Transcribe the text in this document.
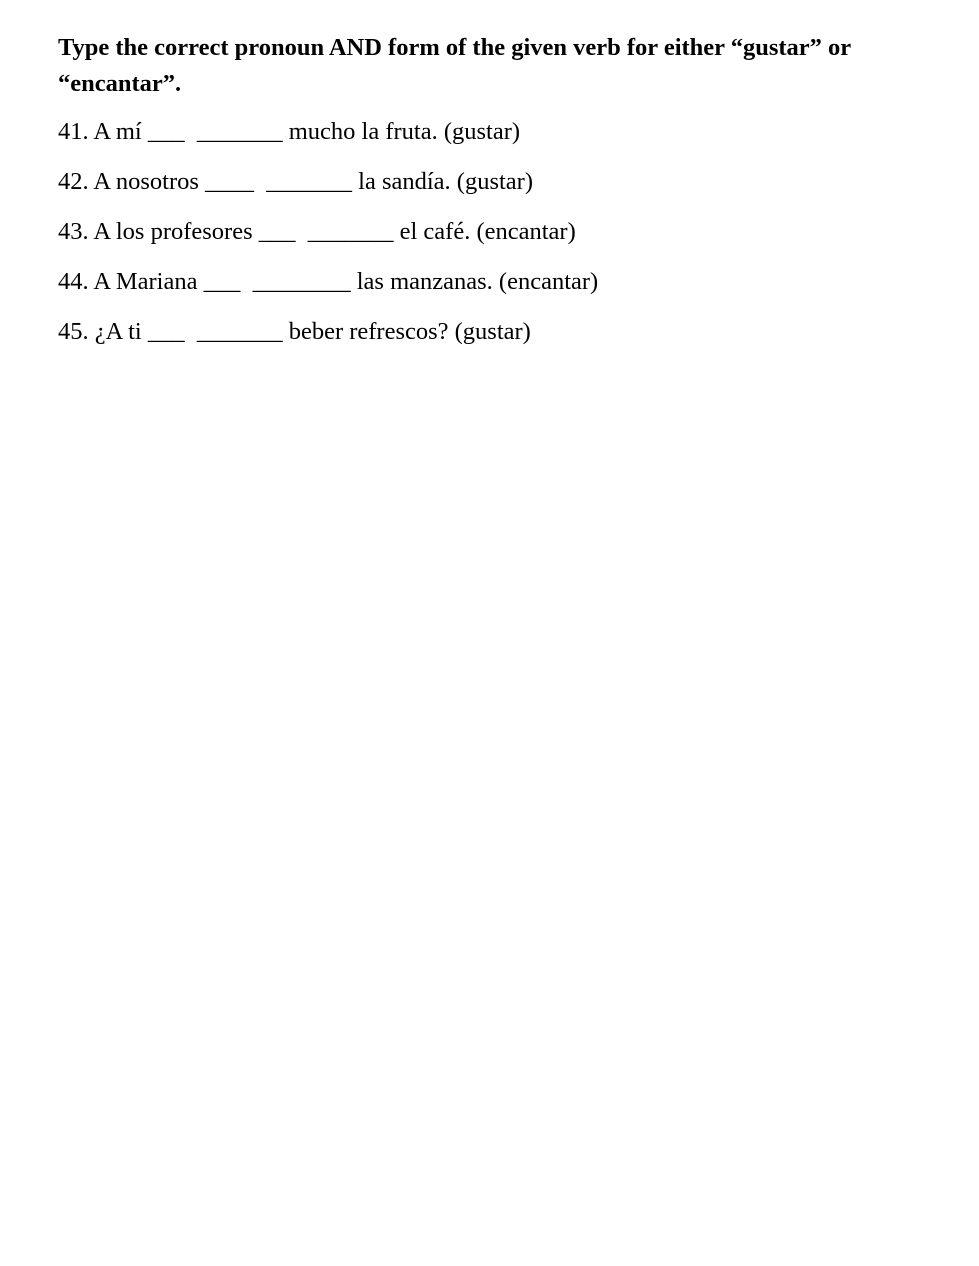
Type the correct pronoun AND form of the given verb for either “gustar” or
“encantar”.

41. A mí ___  _______ mucho la fruta. (gustar)

42. A nosotros ____  _______ la sandía. (gustar)

43. A los profesores ___  _______ el café. (encantar)

44. A Mariana ___  ________ las manzanas. (encantar)

45. ¿A ti ___  _______ beber refrescos? (gustar)
